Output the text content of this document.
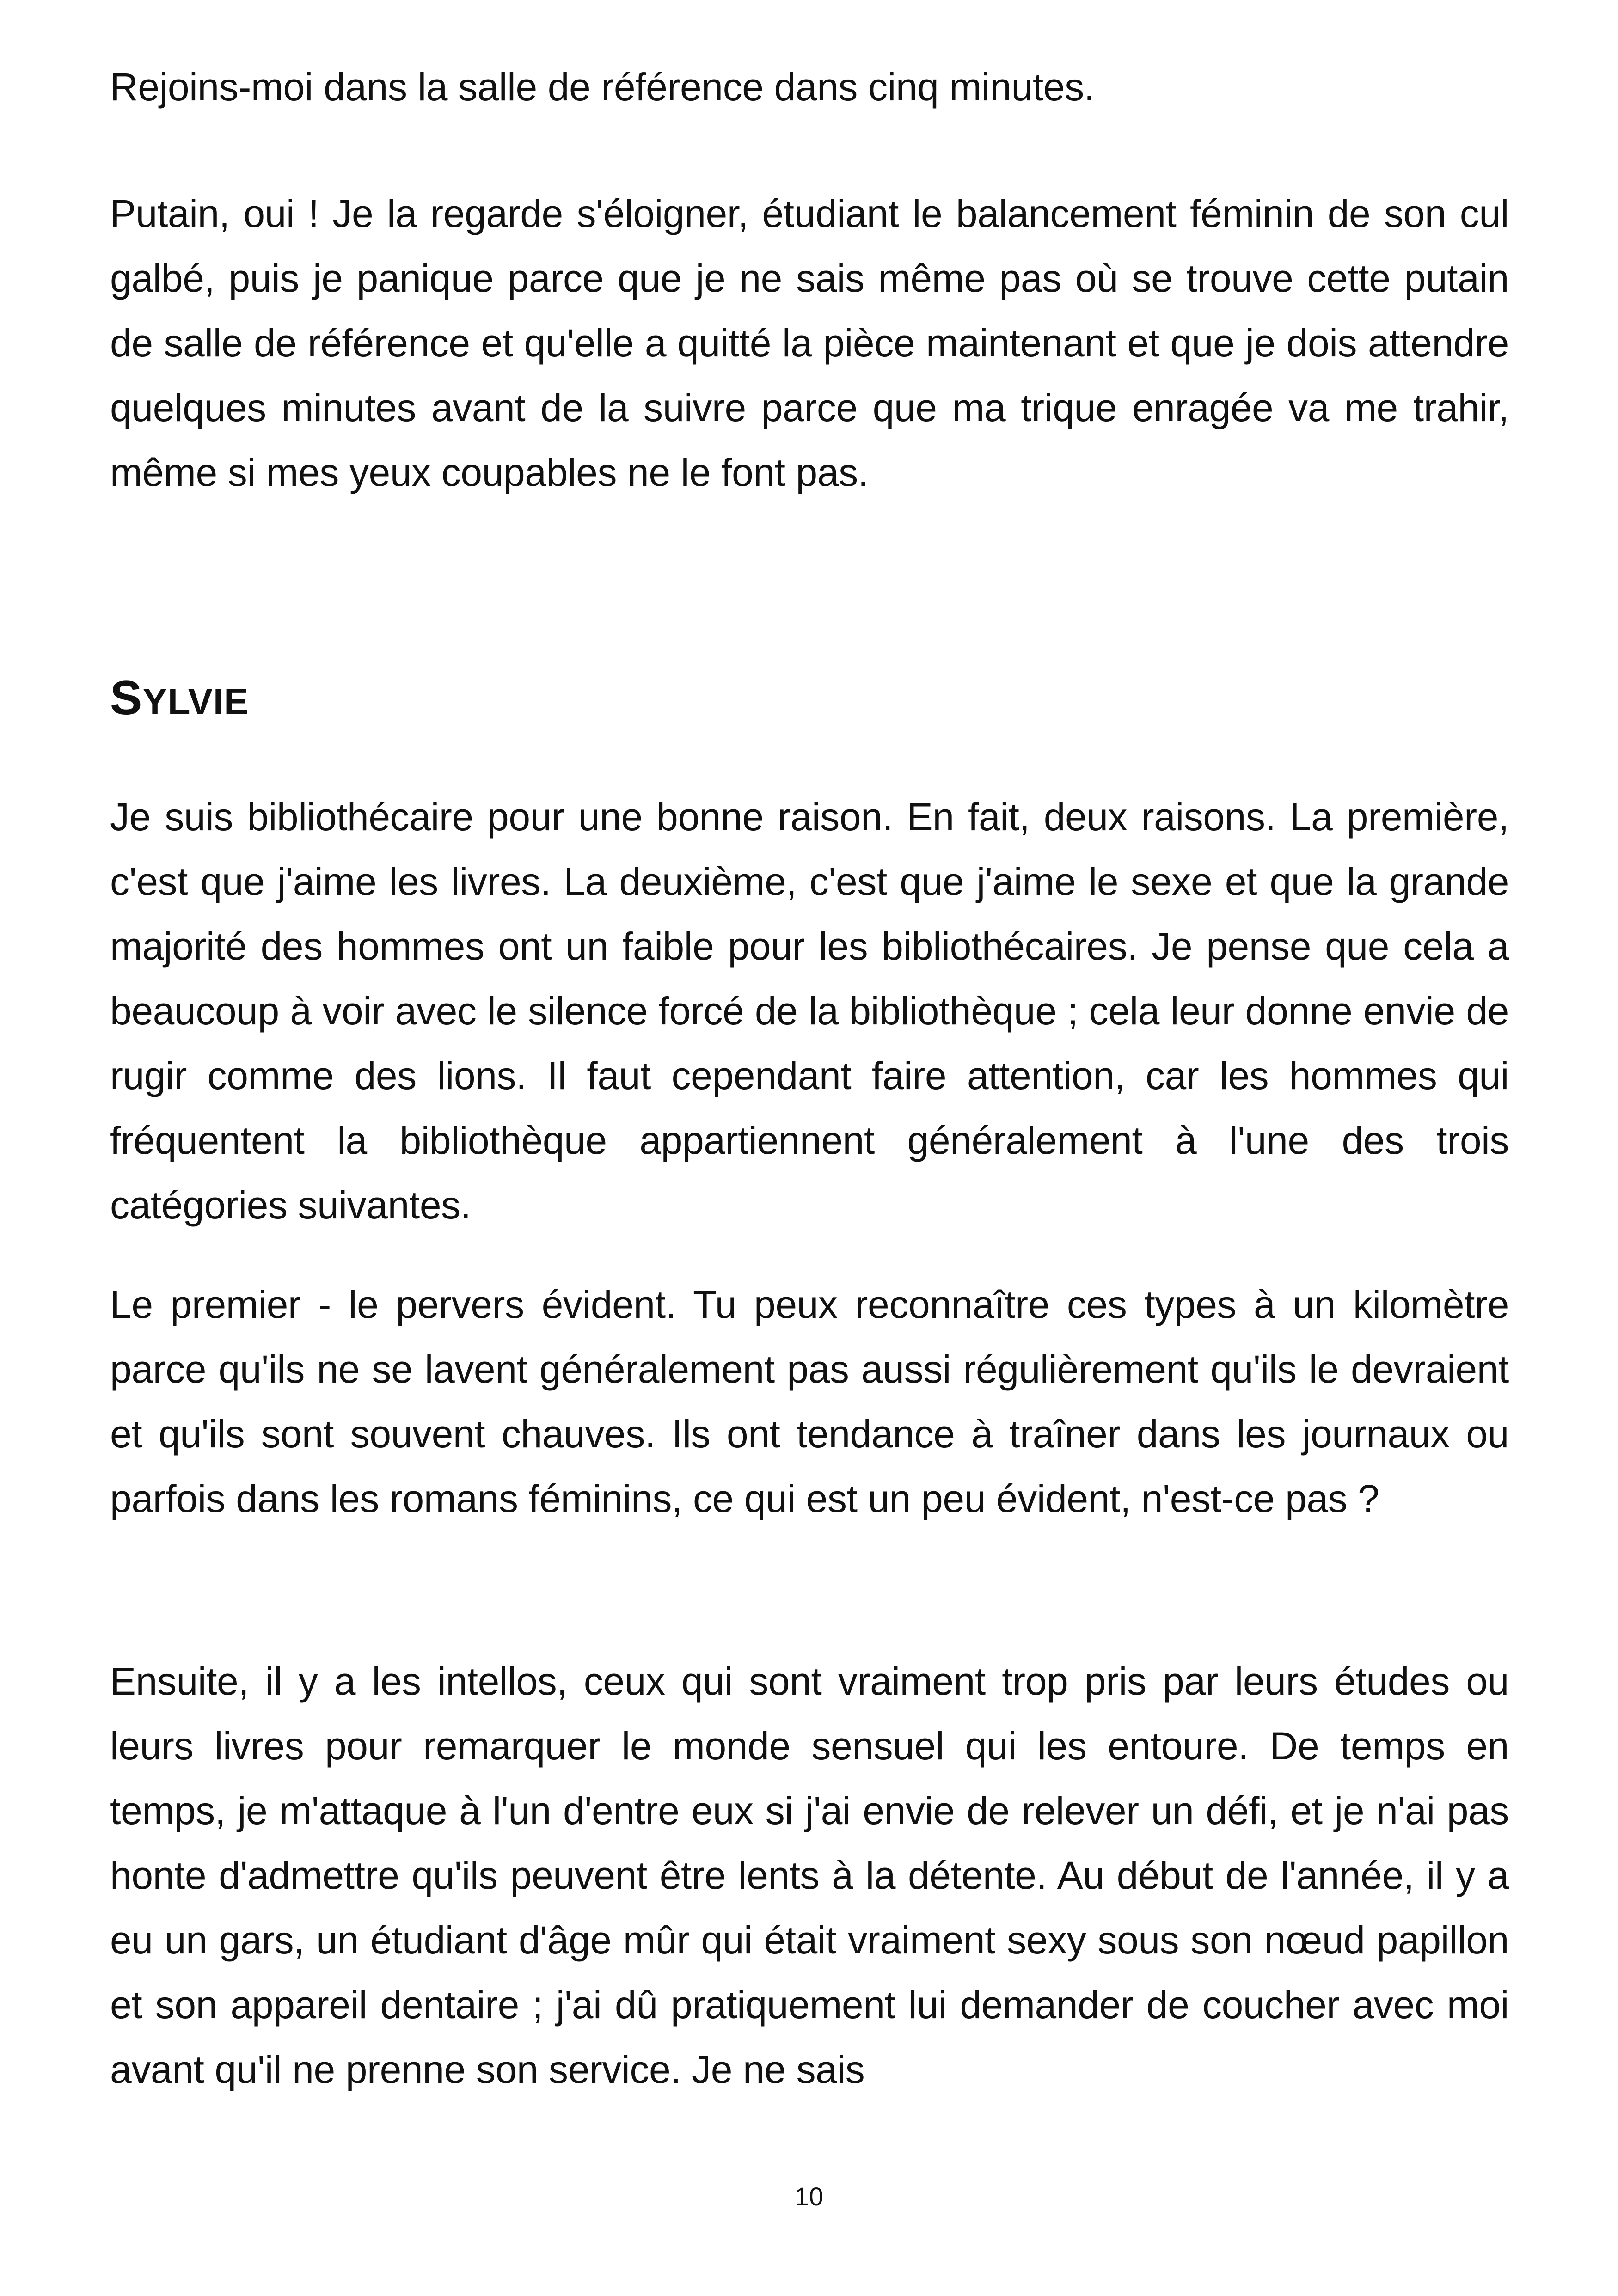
Rejoins-moi dans la salle de référence dans cinq minutes.

Putain, oui ! Je la regarde s'éloigner, étudiant le balancement féminin de son cul galbé, puis je panique parce que je ne sais même pas où se trouve cette putain de salle de référence et qu'elle a quitté la pièce maintenant et que je dois attendre quelques minutes avant de la suivre parce que ma trique enragée va me trahir, même si mes yeux coupables ne le font pas.

SYLVIE

Je suis bibliothécaire pour une bonne raison. En fait, deux raisons. La première, c'est que j'aime les livres. La deuxième, c'est que j'aime le sexe et que la grande majorité des hommes ont un faible pour les bibliothécaires. Je pense que cela a beaucoup à voir avec le silence forcé de la bibliothèque ; cela leur donne envie de rugir comme des lions. Il faut cependant faire attention, car les hommes qui fréquentent la bibliothèque appartiennent généralement à l'une des trois catégories suivantes.

Le premier - le pervers évident. Tu peux reconnaître ces types à un kilomètre parce qu'ils ne se lavent généralement pas aussi régulièrement qu'ils le devraient et qu'ils sont souvent chauves. Ils ont tendance à traîner dans les journaux ou parfois dans les romans féminins, ce qui est un peu évident, n'est-ce pas ?

Ensuite, il y a les intellos, ceux qui sont vraiment trop pris par leurs études ou leurs livres pour remarquer le monde sensuel qui les entoure. De temps en temps, je m'attaque à l'un d'entre eux si j'ai envie de relever un défi, et je n'ai pas honte d'admettre qu'ils peuvent être lents à la détente. Au début de l'année, il y a eu un gars, un étudiant d'âge mûr qui était vraiment sexy sous son nœud papillon et son appareil dentaire ; j'ai dû pratiquement lui demander de coucher avec moi avant qu'il ne prenne son service. Je ne sais

10
